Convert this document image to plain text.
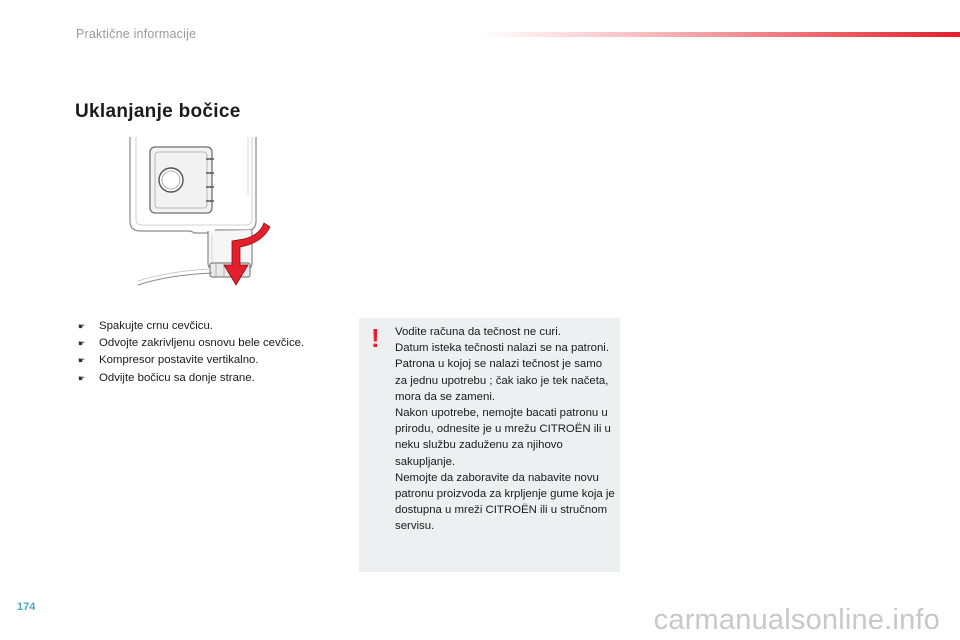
Praktične informacije
Uklanjanje bočice
☛	Spakujte crnu cevčicu.
☛	Odvojte zakrivljenu osnovu bele cevčice.
☛	Kompresor postavite vertikalno.
☛	Odvijte bočicu sa donje strane.
! Vodite računa da tečnost ne curi.

Datum isteka tečnosti nalazi se na patroni.

Patrona u kojoj se nalazi tečnost je samo za jednu upotrebu ; čak iako je tek načeta, mora da se zameni.

Nakon upotrebe, nemojte bacati patronu u prirodu, odnesite je u mrežu CITROËN ili u neku službu zaduženu za njihovo sakupljanje.

Nemojte da zaboravite da nabavite novu patronu proizvoda za krpljenje gume koja je dostupna u mreži CITROËN ili u stručnom servisu.

174	carmanualsonline.info
